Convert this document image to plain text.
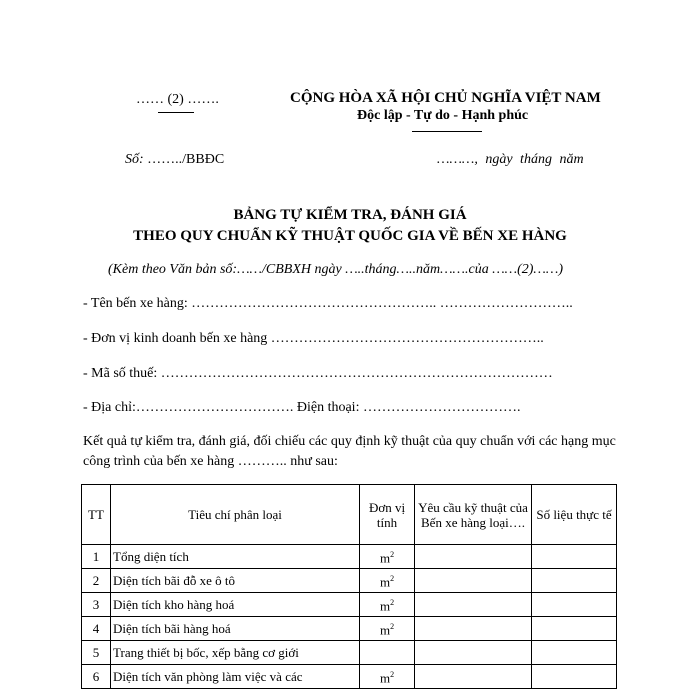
…… (2) …….	CỘNG HÒA XÃ HỘI CHỦ NGHĨA VIỆT NAM
Độc lập - Tự do - Hạnh phúc
Số: ……../BBĐC	………, ngày tháng năm
BẢNG TỰ KIỂM TRA, ĐÁNH GIÁ
THEO QUY CHUẨN KỸ THUẬT QUỐC GIA VỀ BẾN XE HÀNG
(Kèm theo Văn bản số:……/CBBXH ngày …..tháng…..năm…….của ……(2)……)
- Tên bến xe hàng: …………………………………………….. ………………………..
- Đơn vị kinh doanh bến xe hàng …………………………………………………..
- Mã số thuế: …………………………………………………………………………
- Địa chỉ:……………………………. Điện thoại: …………………………….
Kết quả tự kiểm tra, đánh giá, đối chiếu các quy định kỹ thuật của quy chuẩn với các hạng mục công trình của bến xe hàng ……….. như sau:
TT	Tiêu chí phân loại	Đơn vị tính	Yêu cầu kỹ thuật của Bến xe hàng loại….	Số liệu thực tế
1	Tổng diện tích	$m^2$		
2	Diện tích bãi đỗ xe ô tô	$m^2$		
3	Diện tích kho hàng hoá	$m^2$		
4	Diện tích bãi hàng hoá	$m^2$		
5	Trang thiết bị bốc, xếp bằng cơ giới			
6	Diện tích văn phòng làm việc và các	$m^2$		
